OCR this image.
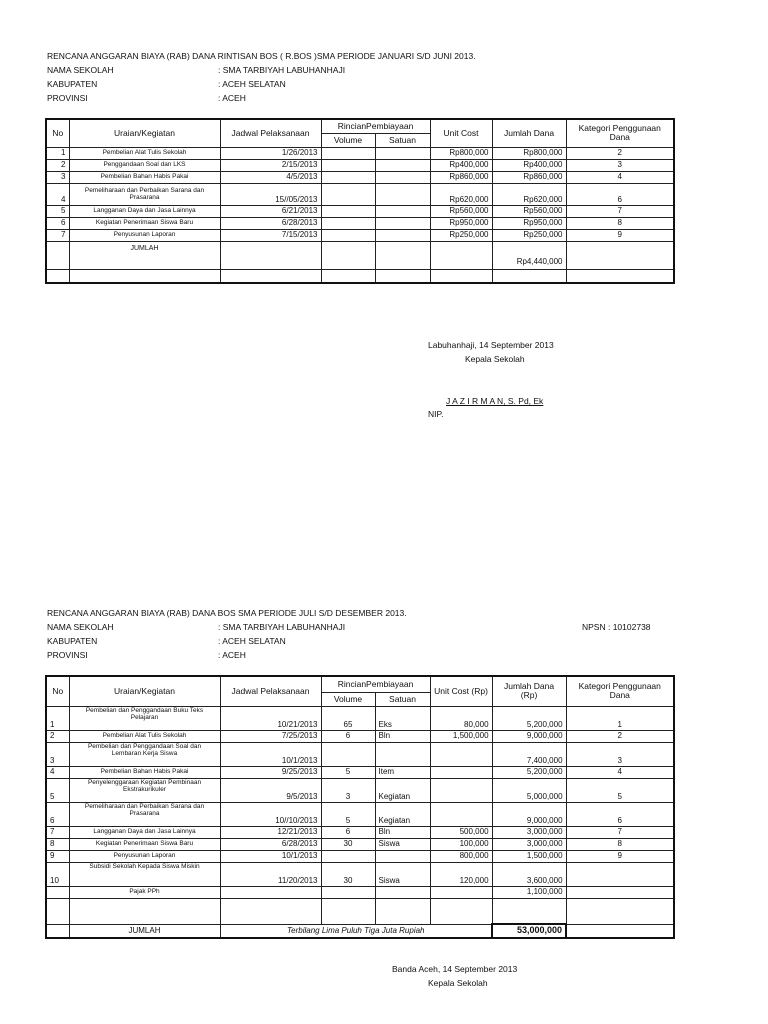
RENCANA ANGGARAN BIAYA (RAB) DANA RINTISAN BOS ( R.BOS )SMA PERIODE JANUARI S/D JUNI 2013.
NAMA SEKOLAH	: SMA TARBIYAH LABUHANHAJI
KABUPATEN	: ACEH SELATAN
PROVINSI	: ACEH
No	Uraian/Kegiatan	Jadwal Pelaksanaan	RincianPembiayaan		Unit Cost	Jumlah Dana	Kategori Penggunaan Dana
			Volume	Satuan			
1	Pembelian Alat Tulis Sekolah	1/26/2013			Rp800,000	Rp800,000	2
2	Penggandaan Soal dan LKS	2/15/2013			Rp400,000	Rp400,000	3
3	Pembelian Bahan Habis Pakai	4/5/2013			Rp860,000	Rp860,000	4
4	Pemeliharaan dan Perbaikan Sarana dan Prasarana	15//05/2013			Rp620,000	Rp620,000	6
5	Langganan Daya dan Jasa Lainnya	6/21/2013			Rp560,000	Rp560,000	7
6	Kegiatan Penerimaan Siswa Baru	6/28/2013			Rp950,000	Rp950,000	8
7	Penyusunan Laporan	7/15/2013			Rp250,000	Rp250,000	9
	JUMLAH					Rp4,440,000	

Labuhanhaji, 14 September 2013
Kepala Sekolah
J A Z I R M A N, S. Pd, Ek
NIP.
RENCANA ANGGARAN BIAYA (RAB) DANA BOS SMA PERIODE JULI S/D DESEMBER 2013.
NAMA SEKOLAH	: SMA TARBIYAH LABUHANHAJI	NPSN : 10102738
KABUPATEN	: ACEH SELATAN
PROVINSI	: ACEH
No	Uraian/Kegiatan	Jadwal Pelaksanaan	RincianPembiayaan		Unit Cost (Rp)	Jumlah Dana (Rp)	Kategori Penggunaan Dana
			Volume	Satuan			
1	Pembelian dan Penggandaan Buku Teks Pelajaran	10/21/2013	65	Eks	80,000	5,200,000	1
2	Pembelian Alat Tulis Sekolah	7/25/2013	6	Bln	1,500,000	9,000,000	2
3	Pembelian dan Penggandaan Soal dan Lembaran Kerja Siswa	10/1/2013				7,400,000	3
4	Pembelian Bahan Habis Pakai	9/25/2013	5	Item		5,200,000	4
5	Penyelenggaraan Kegiatan Pembinaan Ekstrakurikuler	9/5/2013	3	Kegiatan		5,000,000	5
6	Pemeliharaan dan Perbaikan Sarana dan Prasarana	10//10/2013	5	Kegiatan		9,000,000	6
7	Langganan Daya dan Jasa Lainnya	12/21/2013	6	Bln	500,000	3,000,000	7
8	Kegiatan Penerimaan Siswa Baru	6/28/2013	30	Siswa	100,000	3,000,000	8
9	Penyusunan Laporan	10/1/2013			800,000	1,500,000	9
10	Subsidi Sekolah Kepada Siswa Miskin	11/20/2013	30	Siswa	120,000	3,600,000	
	Pajak PPh					1,100,000	

	JUMLAH	Terbilang Lima Puluh Tiga Juta Rupiah				53,000,000	
Banda Aceh, 14 September 2013
Kepala Sekolah
